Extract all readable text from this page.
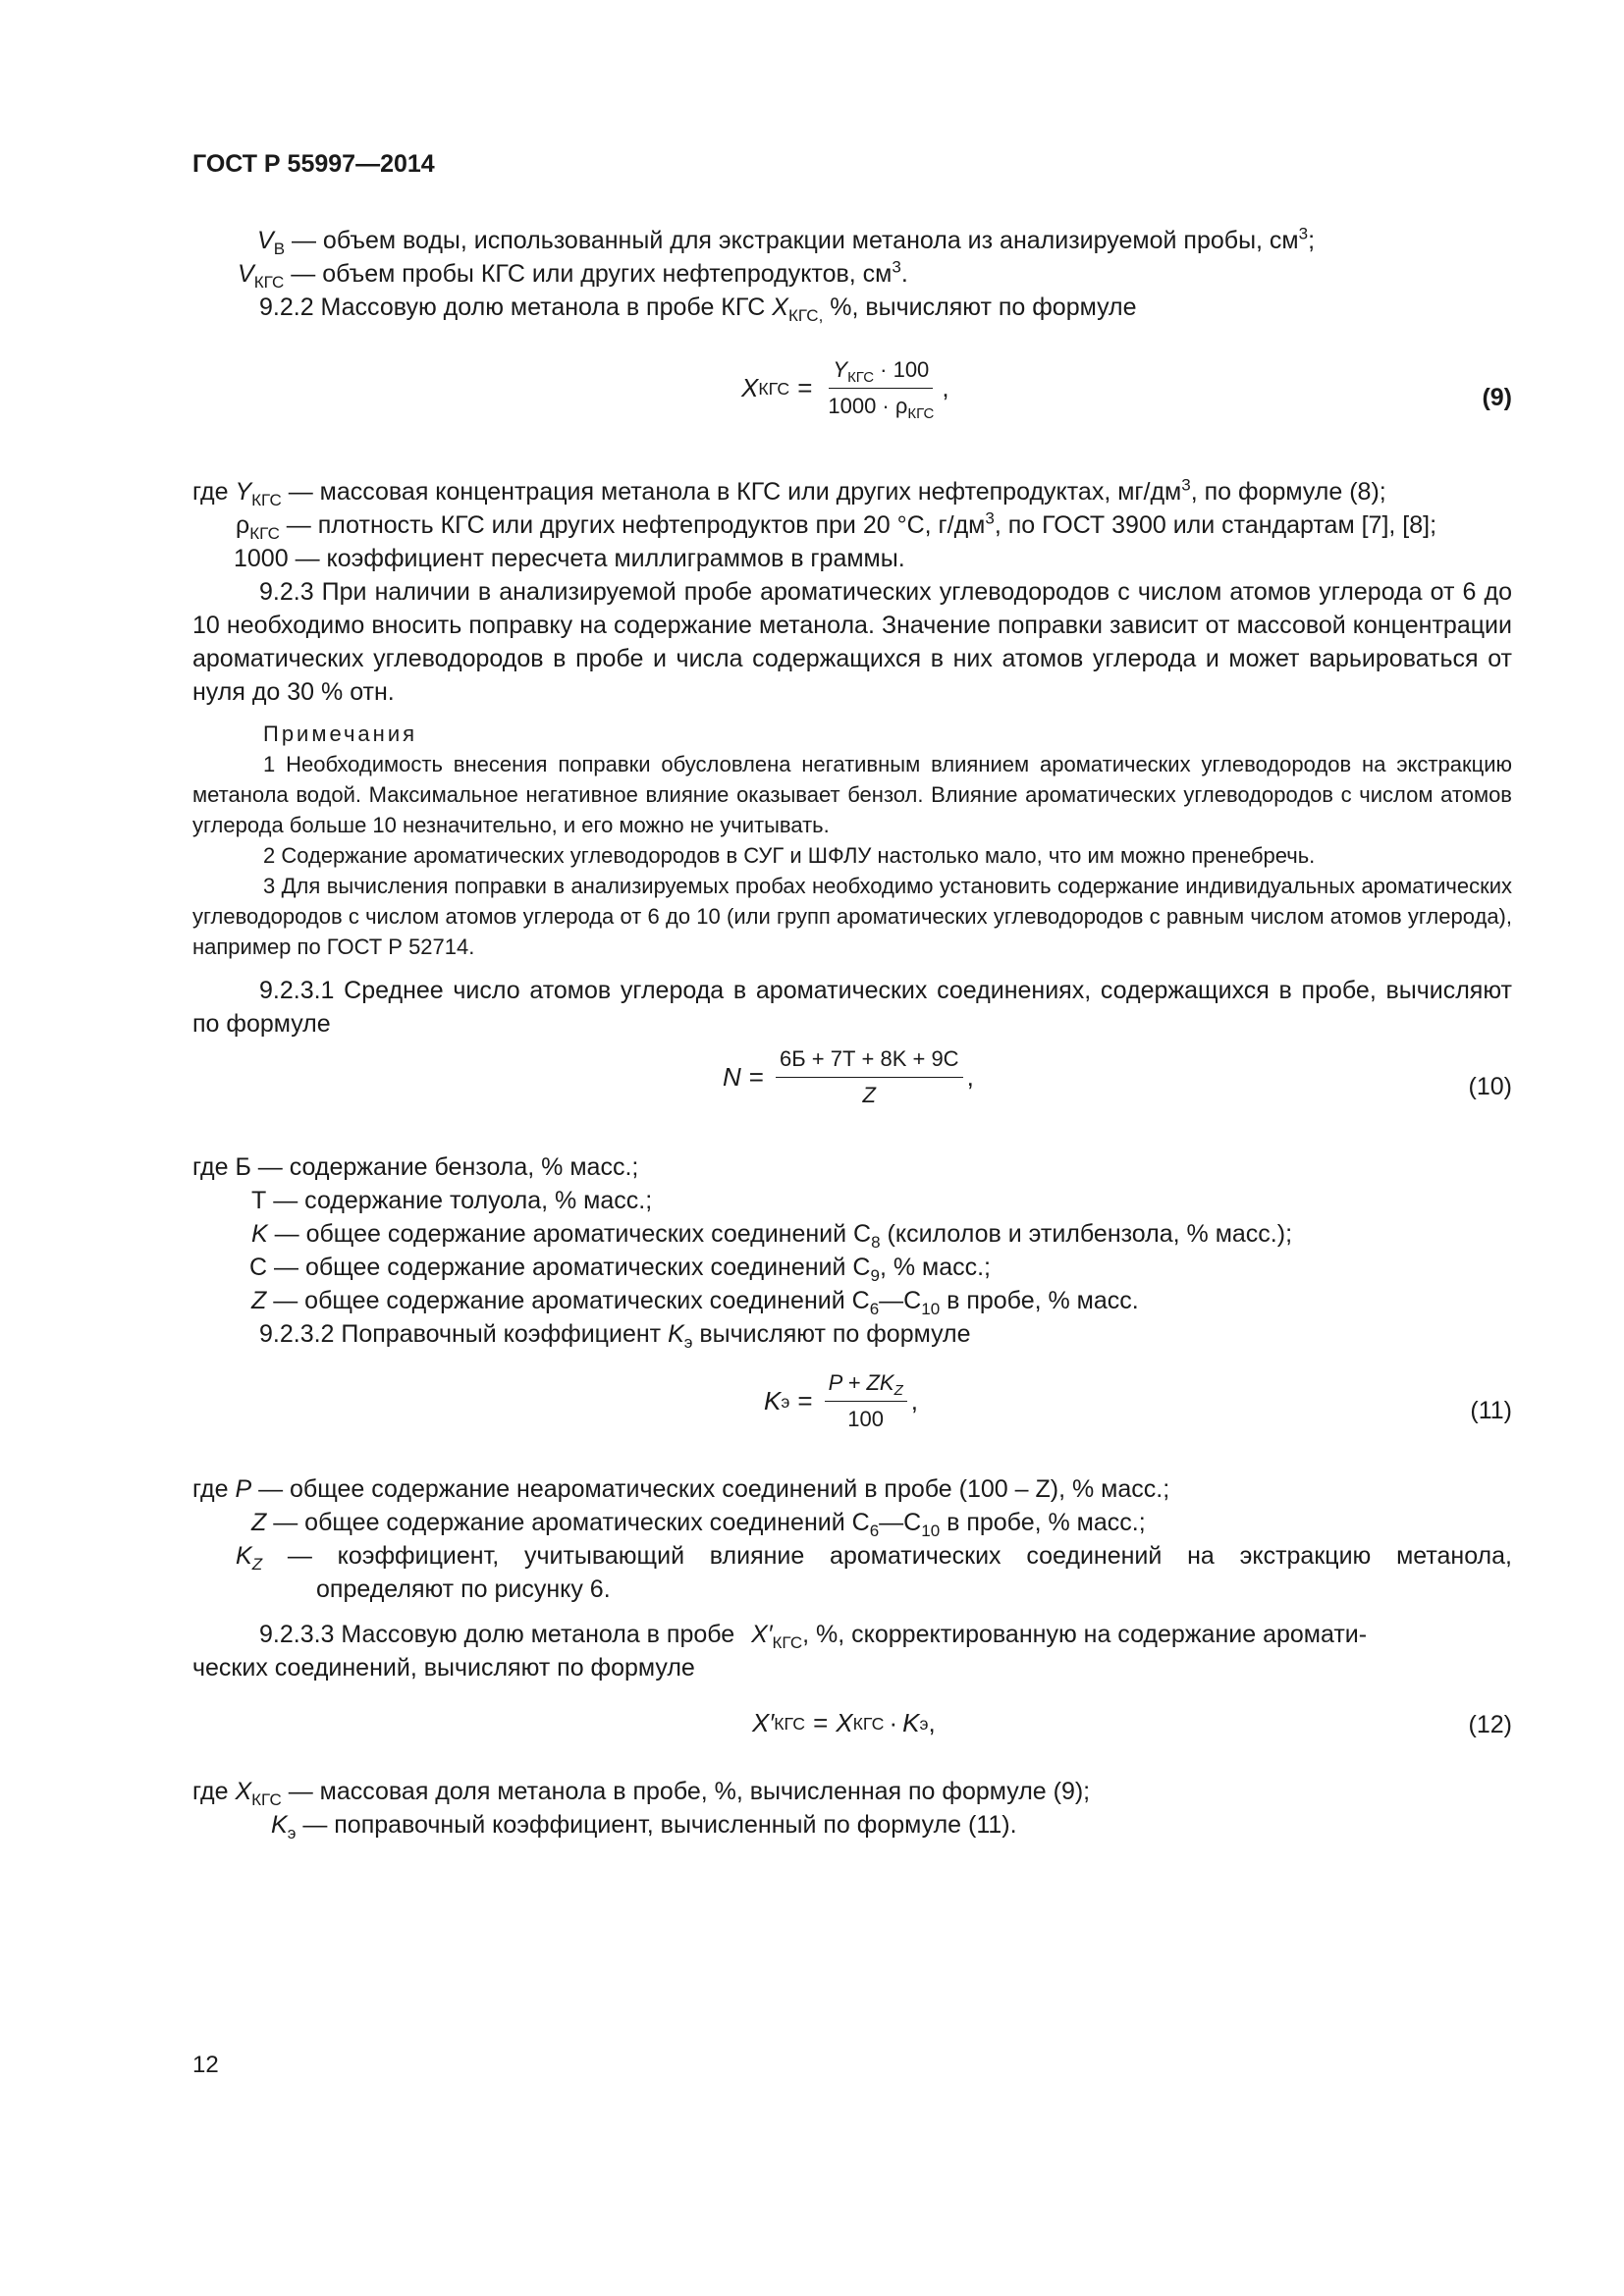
ГОСТ Р 55997—2014
$V_В$ — объем воды, использованный для экстракции метанола из анализируемой пробы, $см^3$;
$V_{КГС}$ — объем пробы КГС или других нефтепродуктов, $см^3$.
9.2.2 Массовую долю метанола в пробе КГС $X_{КГС,}$ %, вычисляют по формуле
X КГС = $\frac{Y_{КГС} \cdot 100}{1000 \cdot \rho_{КГС}}$ ,	(9)
где $Y_{КГС}$ — массовая концентрация метанола в КГС или других нефтепродуктах, $мг/дм^3$, по формуле (8);
$\rho_{КГС}$ — плотность КГС или других нефтепродуктов при 20 °С, $г/дм^3$, по ГОСТ 3900 или стандартам [7], [8];
1000 — коэффициент пересчета миллиграммов в граммы.

9.2.3 При наличии в анализируемой пробе ароматических углеводородов с числом атомов углерода от 6 до 10 необходимо вносить поправку на содержание метанола. Значение поправки зависит от массовой концентрации ароматических углеводородов в пробе и числа содержащихся в них атомов углерода и может варьироваться от нуля до 30 % отн.

Примечания

1 Необходимость внесения поправки обусловлена негативным влиянием ароматических углеводородов на экстракцию метанола водой. Максимальное негативное влияние оказывает бензол. Влияние ароматических углеводородов с числом атомов углерода больше 10 незначительно, и его можно не учитывать.

2 Содержание ароматических углеводородов в СУГ и ШФЛУ настолько мало, что им можно пренебречь.

3 Для вычисления поправки в анализируемых пробах необходимо установить содержание индивидуальных ароматических углеводородов с числом атомов углерода от 6 до 10 (или групп ароматических углеводородов с равным числом атомов углерода), например по ГОСТ Р 52714.

9.2.3.1 Среднее число атомов углерода в ароматических соединениях, содержащихся в пробе, вычисляют по формуле

$N = \frac{6Б + 7Т + 8K + 9С}{Z}$ ,	(10)
где Б — содержание бензола, % масс.;
Т — содержание толуола, % масс.;
K — общее содержание ароматических соединений $С_8$ (ксилолов и этилбензола, % масс.);
С — общее содержание ароматических соединений $С_9$, % масс.;
Z — общее содержание ароматических соединений $С_6—С_{10}$ в пробе, % масс.
9.2.3.2 Поправочный коэффициент $K_э$ вычисляют по формуле
K $э = \frac{P + ZK_Z}{100}$ ,	(11)
где P — общее содержание неароматических соединений в пробе (100 – Z), % масс.;
Z — общее содержание ароматических соединений $С_6—С_{10}$ в пробе, % масс.;
$K_Z$ — коэффициент, учитывающий влияние ароматических соединений на экстракцию метанола,
определяют по рисунку 6.
9.2.3.3 Массовую долю метанола в пробе $X'_{КГС}$, %, скорректированную на содержание аромати-
ческих соединений, вычисляют по формуле
X′ КГС = X КГС · K э ,	(12)
где $X_{КГС}$ — массовая доля метанола в пробе, %, вычисленная по формуле (9);
$K_э$ — поправочный коэффициент, вычисленный по формуле (11).
12
